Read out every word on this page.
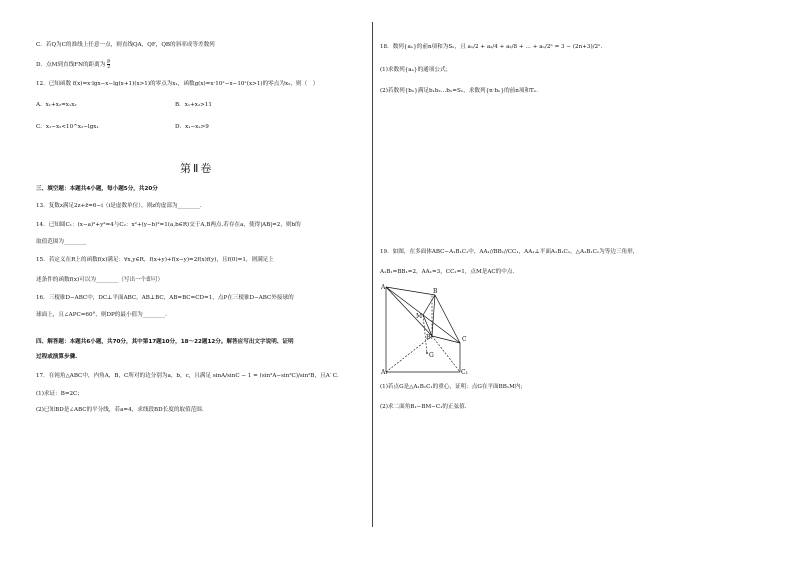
C．若Q为C的准线上任意一点，则直线QA，QF，QB的斜率成等差数列
D．点M到直线FN的距离为 $\frac{p}{2}$
12．已知函数 f(x)=x·lgx−x−lg(x+1)(x>1)的零点为x₁，函数g(x)=x·10ˣ−x−10ˣ(x>1)的零点为x₂，则（　）
A．x₁+x₂=x₁x₂	B．x₁+x₂>11
C．x₁−x₂<10^x₂−lgx₁	D．x₁−x₂>9
第Ⅱ卷
三、填空题：本题共4小题，每小题5分，共20分
13．复数z满足2z+z̄=6−i（i是虚数单位），则z的虚部为________.
14．已知圆C₁：(x−a)²+y²=4与C₂：x²+(y−b)²=1(a,b∈R)交于A,B两点.若存在a，使得|AB|=2，则b的
取值范围为________
15．若定义在R上的函数f(x)满足：∀x,y∈R，f(x+y)+f(x−y)=2f(x)f(y)，且f(0)=1，则满足上
述条件的函数f(x)可以为________（写出一个即可）
16．三棱锥D−ABC中，DC⊥平面ABC，AB⊥BC，AB=BC=CD=1，点P在三棱锥D−ABC外接球的
球面上，且∠APC=60°，则DP的最小值为________.
四、解答题：本题共6小题，共70分，其中第17题10分，18～22题12分。解答应写出文字说明、证明
过程或演算步骤.
17．在钝角△ABC中，内角A，B，C所对的边分别为a，b，c，且满足 sinA/sinC − 1 = (sin²A−sin²C)/sin²B，且A′ C.
(1)求证：B=2C；
(2)已知BD是∠ABC的平分线，若a=4，求线段BD长度的取值范围.
18．数列{aₙ}的前n项和为Sₙ，且 a₁/2 + a₂/4 + a₃/8 + … + aₙ/2ⁿ = 3 − (2n+3)/2ⁿ.
(1)求数列{aₙ}的通项公式；
(2)若数列{bₙ}满足b₁b₂…bₙ=Sₙ，求数列{n·bₙ}的前n项和Tₙ.
19．如图，在多面体ABC−A₁B₁C₁中，AA₁//BB₁//CC₁，AA₁⊥平面A₁B₁C₁，△A₁B₁C₁为等边三角形，
A₁B₁=BB₁=2，AA₁=3，CC₁=1，点M是AC的中点.
A
B
M
B₁	C
G
A₁	C₁
(1)若点G是△A₁B₁C₁的重心，证明：点G在平面BB₁M内；
(2)求二面角B₁−BM−C₁的正弦值.
